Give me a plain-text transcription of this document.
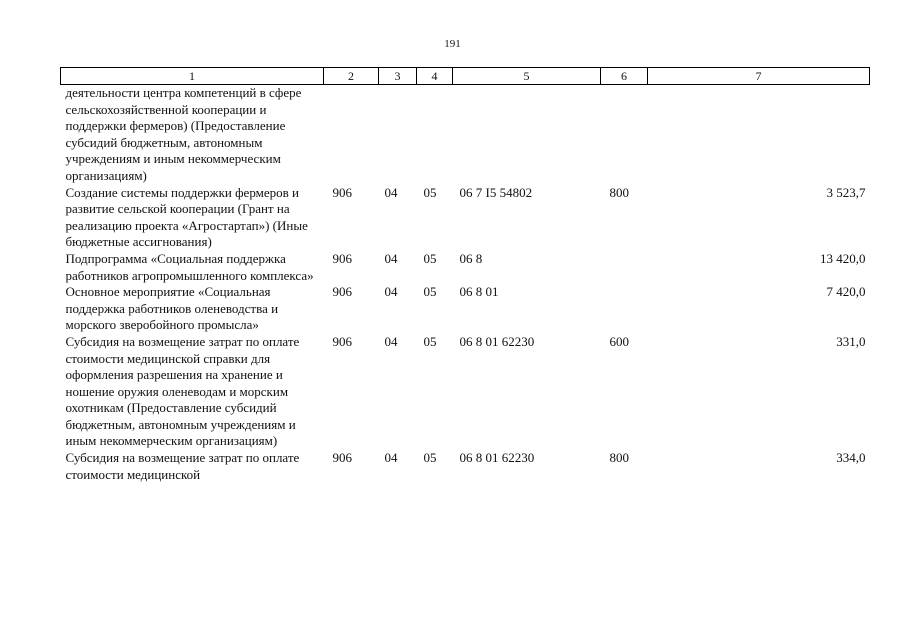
191
1	2	3	4	5	6	7
деятельности центра компетенций в сфере сельскохозяйственной кооперации и поддержки фермеров) (Предоставление субсидий бюджетным, автономным учреждениям и иным некоммерческим организациям)						
Создание системы поддержки фермеров и развитие сельской кооперации (Грант на реализацию проекта «Агростартап») (Иные бюджетные ассигнования)	906	04	05	06 7 I5 54802	800	3 523,7
Подпрограмма «Социальная поддержка работников агропромышленного комплекса»	906	04	05	06 8		13 420,0
Основное мероприятие «Социальная поддержка работников оленеводства и морского зверобойного промысла»	906	04	05	06 8 01		7 420,0
Субсидия на возмещение затрат по оплате стоимости медицинской справки для оформления разрешения на хранение и ношение оружия оленеводам и морским охотникам (Предоставление субсидий бюджетным, автономным учреждениям и иным некоммерческим организациям)	906	04	05	06 8 01 62230	600	331,0
Субсидия на возмещение затрат по оплате стоимости медицинской	906	04	05	06 8 01 62230	800	334,0
